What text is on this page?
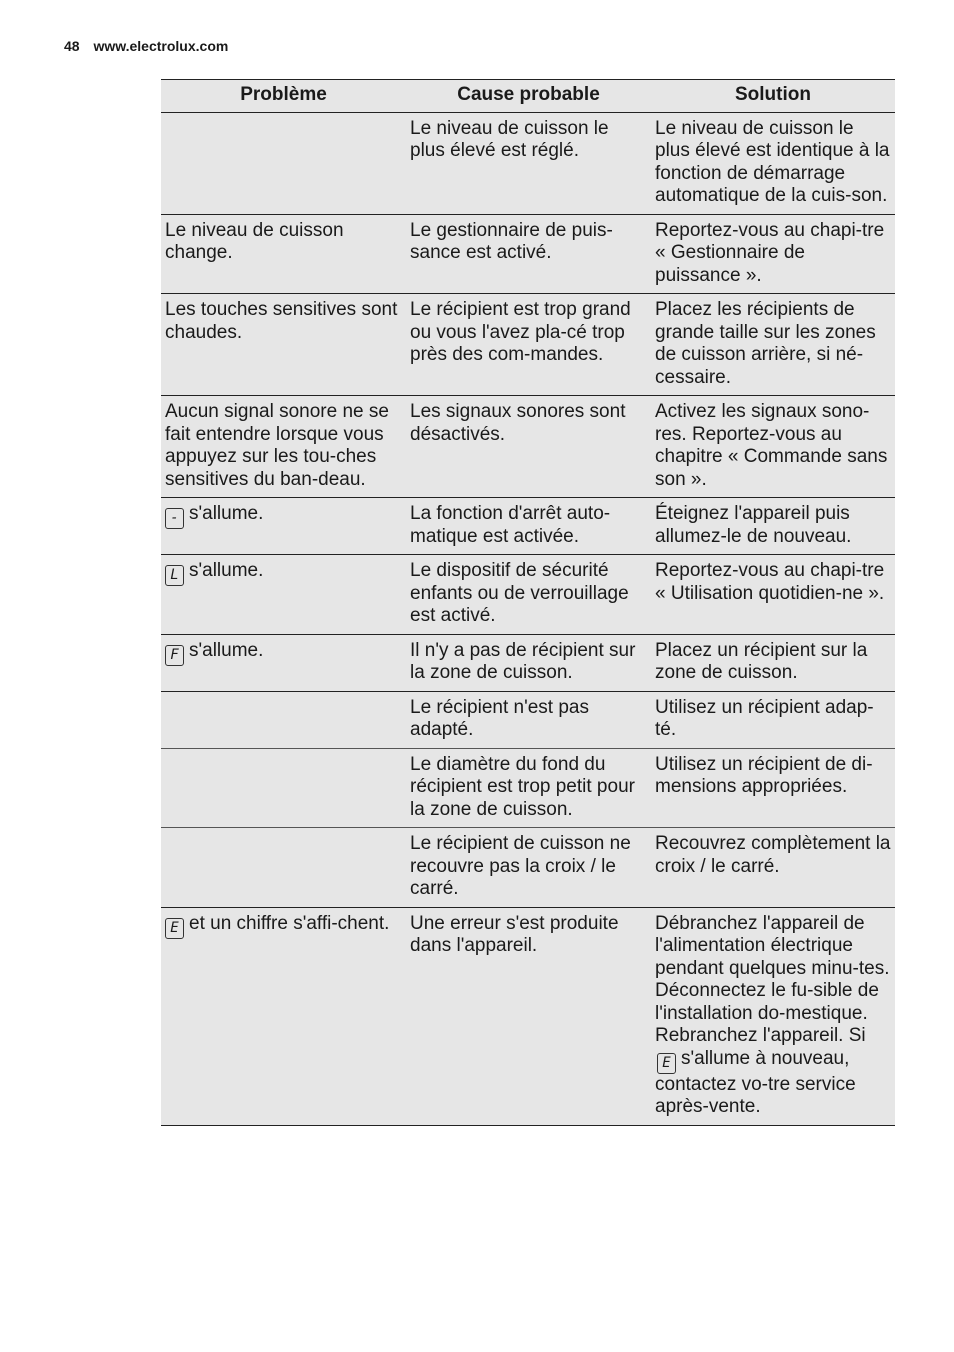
48 www.electrolux.com
Problème	Cause probable	Solution
	Le niveau de cuisson le plus élevé est réglé.	Le niveau de cuisson le plus élevé est identique à la fonction de démarrage automatique de la cuis-son.
Le niveau de cuisson change.	Le gestionnaire de puis-sance est activé.	Reportez-vous au chapi-tre « Gestionnaire de puissance ».
Les touches sensitives sont chaudes.	Le récipient est trop grand ou vous l'avez pla-cé trop près des com-mandes.	Placez les récipients de grande taille sur les zones de cuisson arrière, si né-cessaire.
Aucun signal sonore ne se fait entendre lorsque vous appuyez sur les tou-ches sensitives du ban-deau.	Les signaux sonores sont désactivés.	Activez les signaux sono-res. Reportez-vous au chapitre « Commande sans son ».
- s'allume.	La fonction d'arrêt auto-matique est activée.	Éteignez l'appareil puis allumez-le de nouveau.
L s'allume.	Le dispositif de sécurité enfants ou de verrouillage est activé.	Reportez-vous au chapi-tre « Utilisation quotidien-ne ».
F s'allume.	Il n'y a pas de récipient sur la zone de cuisson.	Placez un récipient sur la zone de cuisson.
	Le récipient n'est pas adapté.	Utilisez un récipient adap-té.
	Le diamètre du fond du récipient est trop petit pour la zone de cuisson.	Utilisez un récipient de di-mensions appropriées.
	Le récipient de cuisson ne recouvre pas la croix / le carré.	Recouvrez complètement la croix / le carré.
E et un chiffre s'affi-chent.	Une erreur s'est produite dans l'appareil.	Débranchez l'appareil de l'alimentation électrique pendant quelques minu-tes. Déconnectez le fu-sible de l'installation do-mestique. Rebranchez l'appareil. Si E s'allume à nouveau, contactez vo-tre service après-vente.
